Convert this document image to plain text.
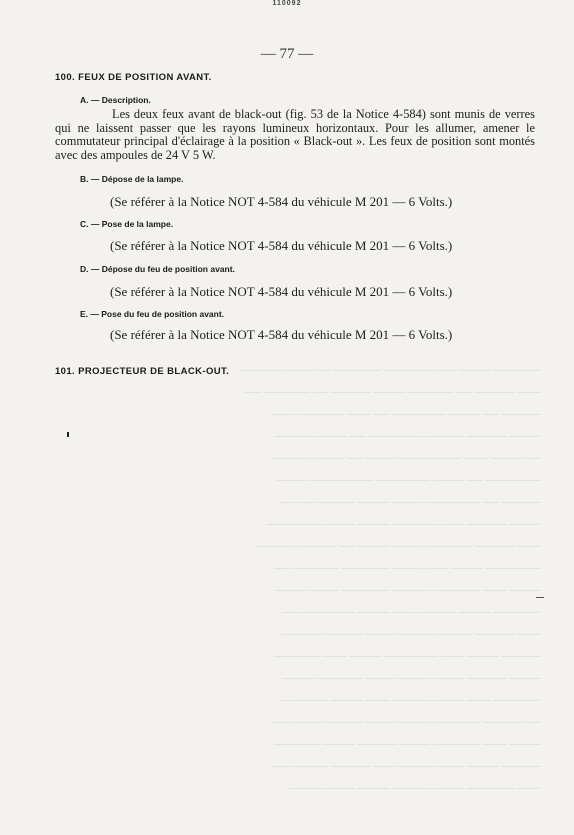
────── ──── ── ─────── ────── ── ──── ─────
─── ───── ── ────── ──── ───── ── ────── ──
───── ── ──── ─────── ── ─── ────── ───
──── ───── ───── ─────── ── ──── ─────
── ──── ─── ──────── ──── ── ──── ─────
─────── ── ──── ─────── ──────── ────
───── ── ─────── ──── ──── ───── ── ──
──── ───── ─── ────── ──── ──── ───────
─── ───── ────── ──── ──── ── ───── ─────
─────── ──── ─── ──── ────── ────── ──
──── ─── ────── ───── ────── ──── ────
────── ──── ───── ─── ──── ─────── ──
─── ───── ──── ───── ──── ───── ─────
───── ──── ─── ─────── ──── ─── ──────
──── ───── ──── ──── ──── ────── ────
────── ─── ──── ───── ─── ──── ───── ─
── ───── ────── ──── ──── ───── ──── ──
──── ─── ────── ──── ───── ──── ──────
───── ──── ─── ───── ─── ───── ───── ──
─── ────── ──── ───── ──── ──── ────
110092
— 77 —
100. FEUX DE POSITION AVANT.
A. — Description.
Les deux feux avant de black-out (fig. 53 de la Notice 4-584) sont munis de verres qui ne laissent passer que les rayons lumineux horizontaux. Pour les allumer, amener le commutateur principal d'éclairage à la position « Black-out ». Les feux de position sont montés avec des ampoules de 24 V 5 W.
B. — Dépose de la lampe.
(Se référer à la Notice NOT 4-584 du véhicule M 201 — 6 Volts.)
C. — Pose de la lampe.
(Se référer à la Notice NOT 4-584 du véhicule M 201 — 6 Volts.)
D. — Dépose du feu de position avant.
(Se référer à la Notice NOT 4-584 du véhicule M 201 — 6 Volts.)
E. — Pose du feu de position avant.
(Se référer à la Notice NOT 4-584 du véhicule M 201 — 6 Volts.)
101. PROJECTEUR DE BLACK-OUT.
